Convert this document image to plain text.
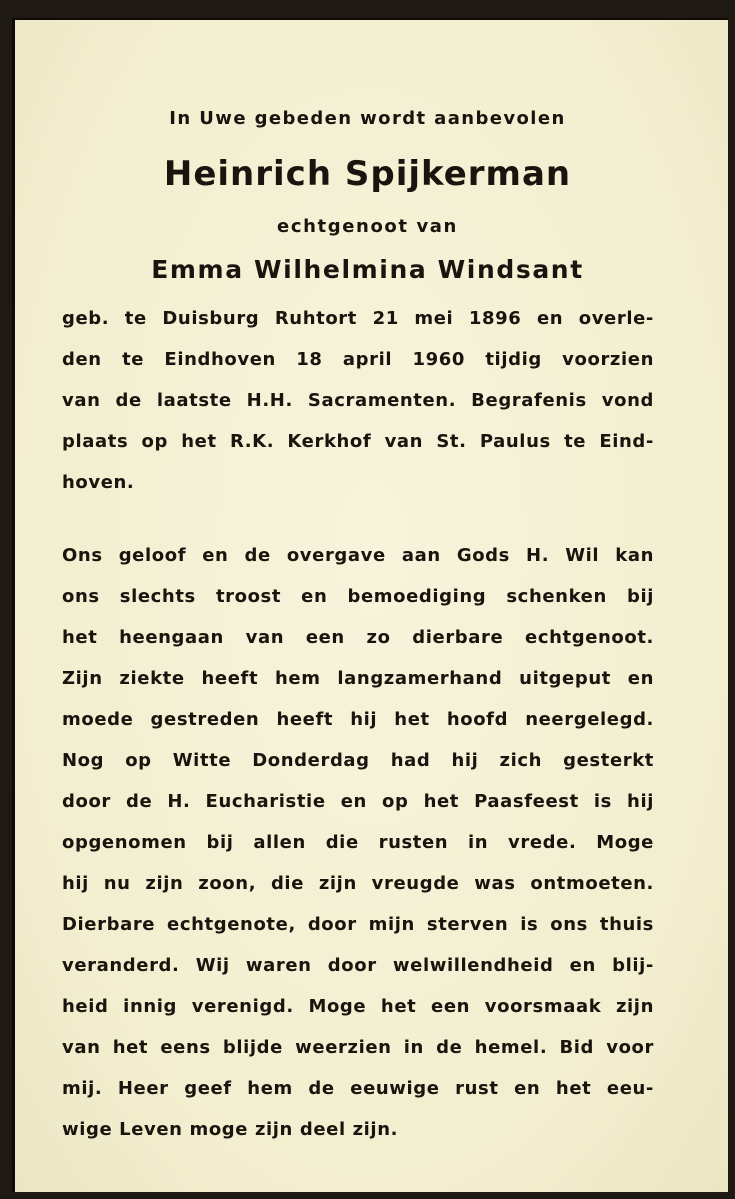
In Uwe gebeden wordt aanbevolen

Heinrich Spijkerman

echtgenoot van

Emma Wilhelmina Windsant

geb. te Duisburg Ruhtort 21 mei 1896 en overle-

den te Eindhoven 18 april 1960 tijdig voorzien

van de laatste H.H. Sacramenten. Begrafenis vond

plaats op het R.K. Kerkhof van St. Paulus te Eind-

hoven.

Ons geloof en de overgave aan Gods H. Wil kan

ons slechts troost en bemoediging schenken bij

het heengaan van een zo dierbare echtgenoot.

Zijn ziekte heeft hem langzamerhand uitgeput en

moede gestreden heeft hij het hoofd neergelegd.

Nog op Witte Donderdag had hij zich gesterkt

door de H. Eucharistie en op het Paasfeest is hij

opgenomen bij allen die rusten in vrede. Moge

hij nu zijn zoon, die zijn vreugde was ontmoeten.

Dierbare echtgenote, door mijn sterven is ons thuis

veranderd. Wij waren door welwillendheid en blij-

heid innig verenigd. Moge het een voorsmaak zijn

van het eens blijde weerzien in de hemel. Bid voor

mij. Heer geef hem de eeuwige rust en het eeu-

wige Leven moge zijn deel zijn.
